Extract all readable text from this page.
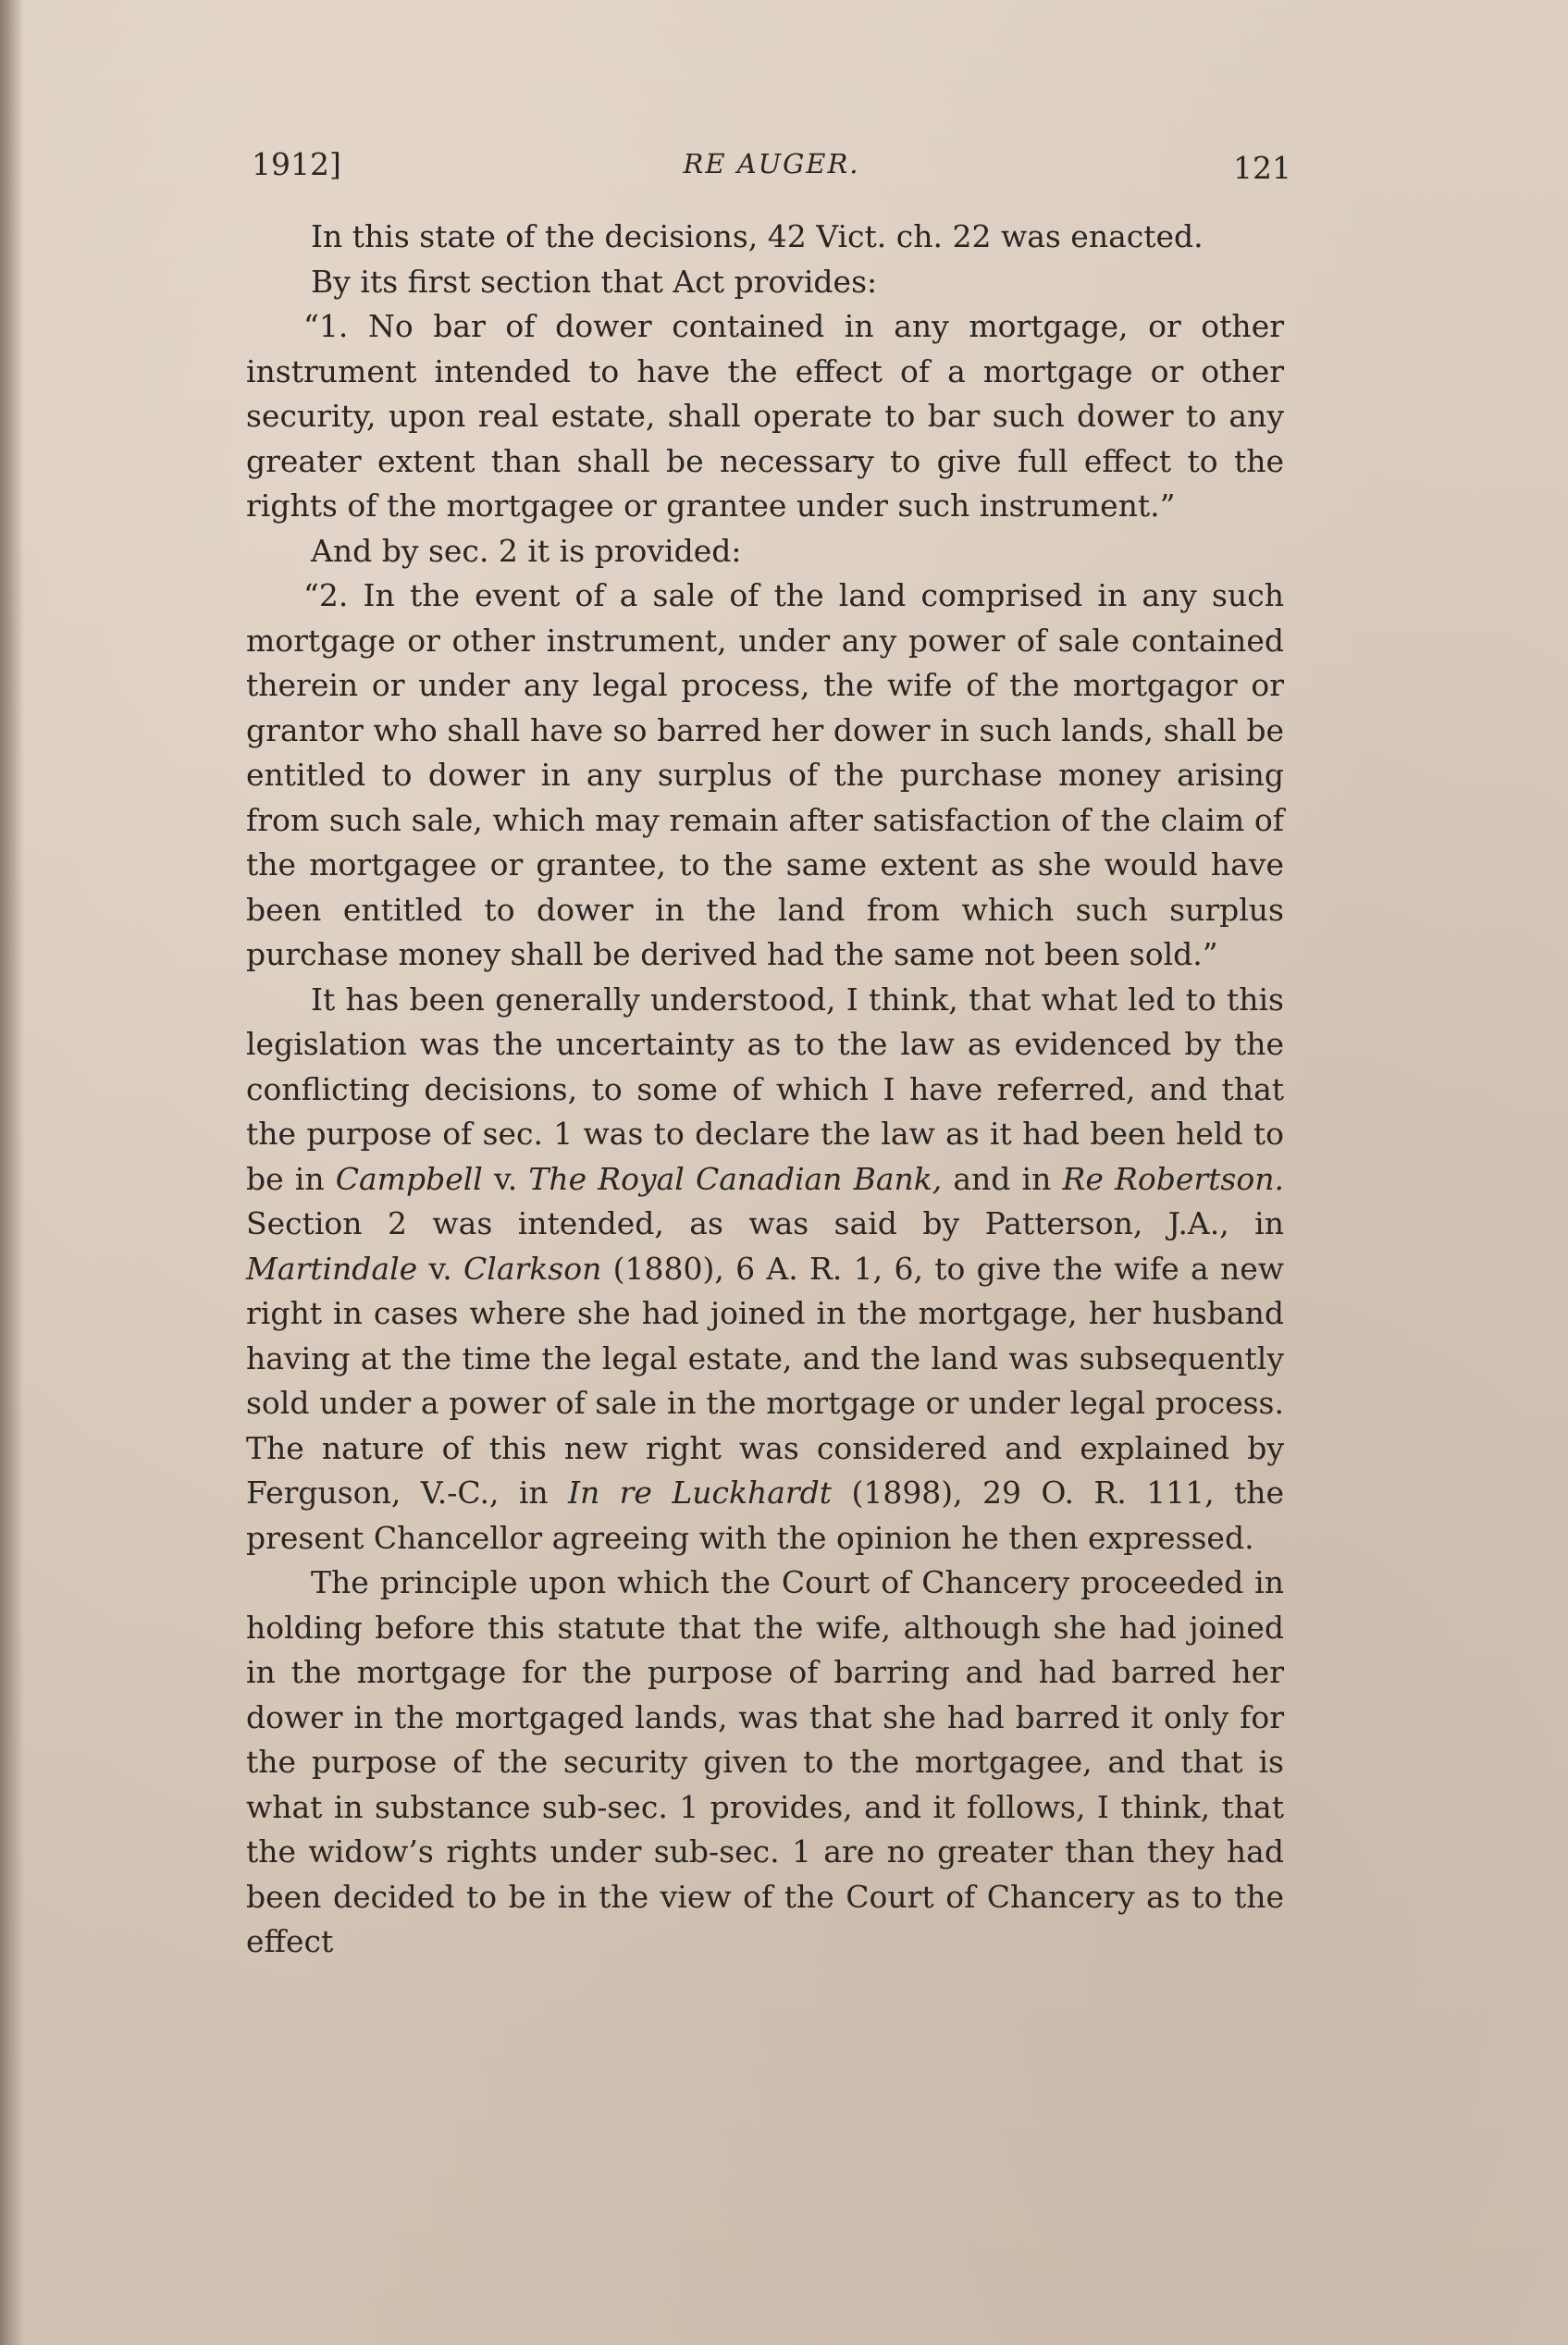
1912]	RE AUGER.	121

In this state of the decisions, 42 Vict. ch. 22 was enacted.

By its first section that Act provides:

“1. No bar of dower contained in any mortgage, or other instrument intended to have the effect of a mortgage or other security, upon real estate, shall operate to bar such dower to any greater extent than shall be necessary to give full effect to the rights of the mortgagee or grantee under such instrument.”

And by sec. 2 it is provided:

“2. In the event of a sale of the land comprised in any such mortgage or other instrument, under any power of sale contained therein or under any legal process, the wife of the mortgagor or grantor who shall have so barred her dower in such lands, shall be entitled to dower in any surplus of the purchase money arising from such sale, which may remain after satisfaction of the claim of the mortgagee or grantee, to the same extent as she would have been entitled to dower in the land from which such surplus purchase money shall be derived had the same not been sold.”

It has been generally understood, I think, that what led to this legislation was the uncertainty as to the law as evidenced by the conflicting decisions, to some of which I have referred, and that the purpose of sec. 1 was to declare the law as it had been held to be in Campbell v. The Royal Canadian Bank, and in Re Robertson. Section 2 was intended, as was said by Patterson, J.A., in Martindale v. Clarkson (1880), 6 A. R. 1, 6, to give the wife a new right in cases where she had joined in the mortgage, her husband having at the time the legal estate, and the land was subsequently sold under a power of sale in the mortgage or under legal process. The nature of this new right was considered and explained by Ferguson, V.-C., in In re Luckhardt (1898), 29 O. R. 111, the present Chancellor agreeing with the opinion he then expressed.

The principle upon which the Court of Chancery proceeded in holding before this statute that the wife, although she had joined in the mortgage for the purpose of barring and had barred her dower in the mortgaged lands, was that she had barred it only for the purpose of the security given to the mortgagee, and that is what in substance sub-sec. 1 provides, and it follows, I think, that the widow’s rights under sub-sec. 1 are no greater than they had been decided to be in the view of the Court of Chancery as to the effect
